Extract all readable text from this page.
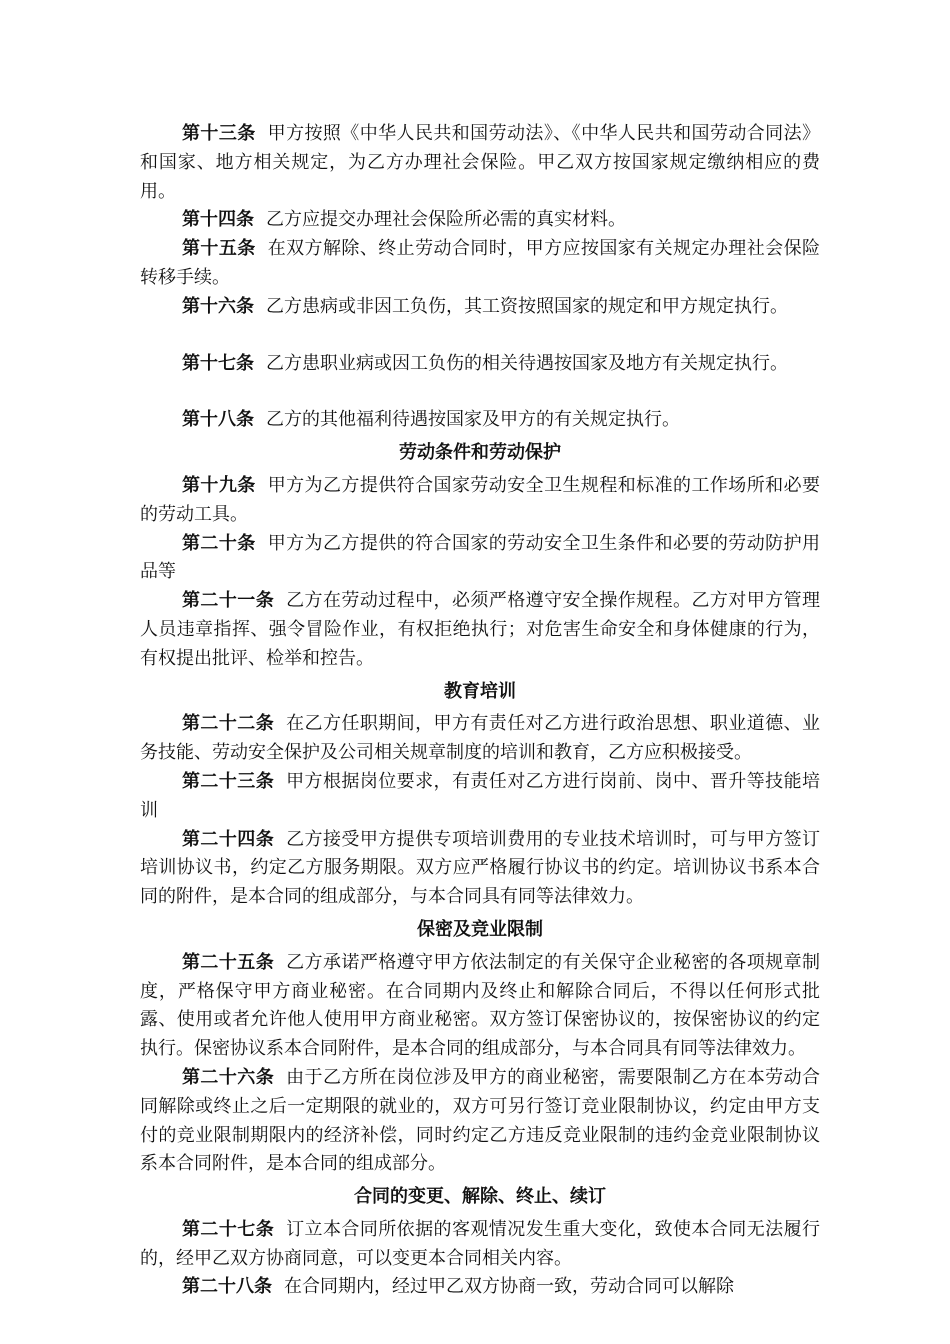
第十三条 甲方按照《中华人民共和国劳动法》、《中华人民共和国劳动合同法》和国家、地方相关规定，为乙方办理社会保险。甲乙双方按国家规定缴纳相应的费用。

第十四条 乙方应提交办理社会保险所必需的真实材料。

第十五条 在双方解除、终止劳动合同时，甲方应按国家有关规定办理社会保险转移手续。

第十六条 乙方患病或非因工负伤，其工资按照国家的规定和甲方规定执行。

第十七条 乙方患职业病或因工负伤的相关待遇按国家及地方有关规定执行。

第十八条 乙方的其他福利待遇按国家及甲方的有关规定执行。

劳动条件和劳动保护

第十九条 甲方为乙方提供符合国家劳动安全卫生规程和标准的工作场所和必要的劳动工具。

第二十条 甲方为乙方提供的符合国家的劳动安全卫生条件和必要的劳动防护用品等

第二十一条 乙方在劳动过程中，必须严格遵守安全操作规程。乙方对甲方管理人员违章指挥、强令冒险作业，有权拒绝执行；对危害生命安全和身体健康的行为，有权提出批评、检举和控告。

教育培训

第二十二条 在乙方任职期间，甲方有责任对乙方进行政治思想、职业道德、业务技能、劳动安全保护及公司相关规章制度的培训和教育，乙方应积极接受。

第二十三条 甲方根据岗位要求，有责任对乙方进行岗前、岗中、晋升等技能培训

第二十四条 乙方接受甲方提供专项培训费用的专业技术培训时，可与甲方签订培训协议书，约定乙方服务期限。双方应严格履行协议书的约定。培训协议书系本合同的附件，是本合同的组成部分，与本合同具有同等法律效力。

保密及竞业限制

第二十五条 乙方承诺严格遵守甲方依法制定的有关保守企业秘密的各项规章制度，严格保守甲方商业秘密。在合同期内及终止和解除合同后，不得以任何形式批露、使用或者允许他人使用甲方商业秘密。双方签订保密协议的，按保密协议的约定执行。保密协议系本合同附件，是本合同的组成部分，与本合同具有同等法律效力。

第二十六条 由于乙方所在岗位涉及甲方的商业秘密，需要限制乙方在本劳动合同解除或终止之后一定期限的就业的，双方可另行签订竞业限制协议，约定由甲方支付的竞业限制期限内的经济补偿，同时约定乙方违反竞业限制的违约金竞业限制协议系本合同附件，是本合同的组成部分。

合同的变更、解除、终止、续订

第二十七条 订立本合同所依据的客观情况发生重大变化，致使本合同无法履行的，经甲乙双方协商同意，可以变更本合同相关内容。

第二十八条 在合同期内，经过甲乙双方协商一致，劳动合同可以解除
